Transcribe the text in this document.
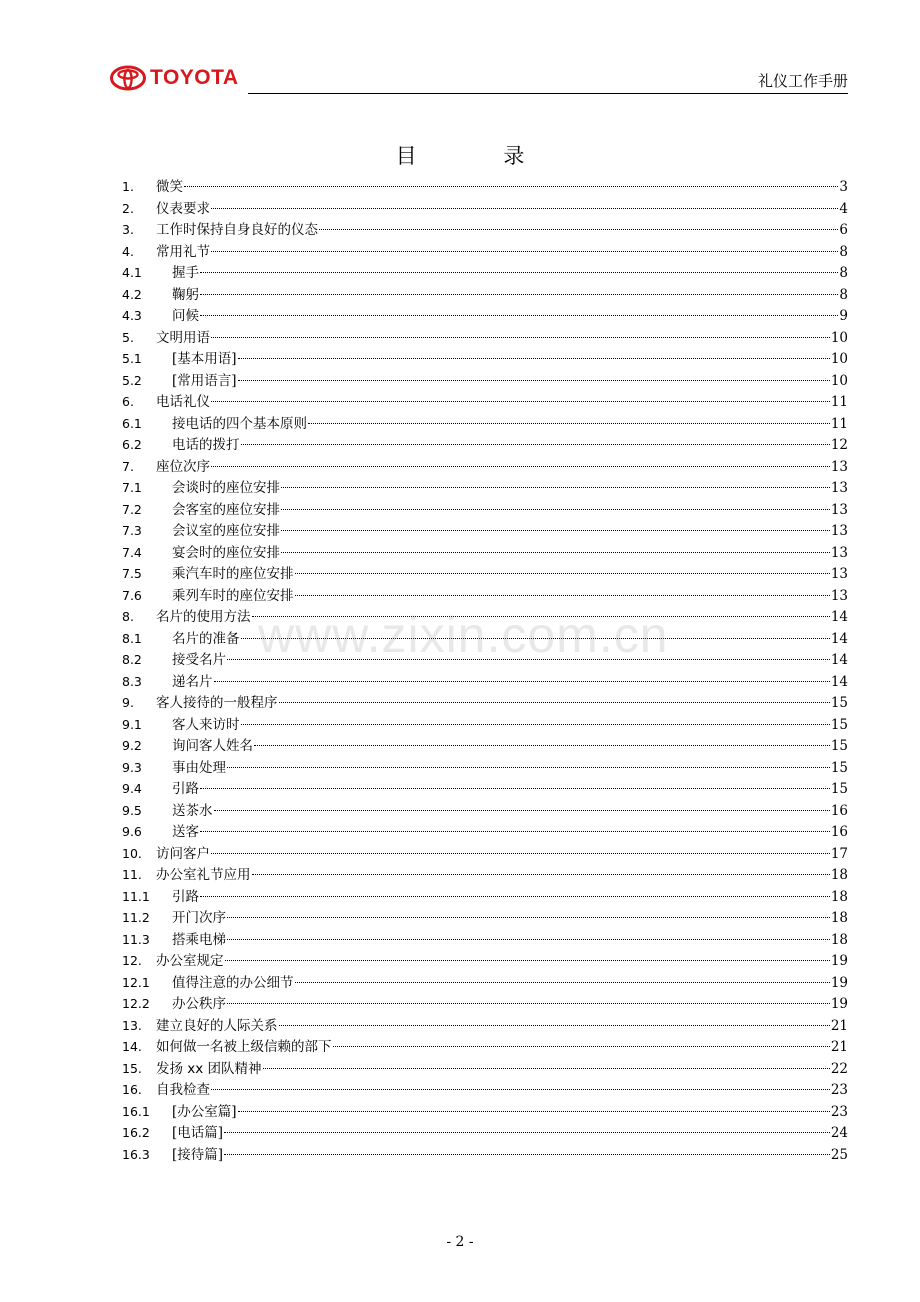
TOYOTA	礼仪工作手册
目 录
1.	微笑	3
2.	仪表要求	4
3.	工作时保持自身良好的仪态	6
4.	常用礼节	8
4.1	握手	8
4.2	鞠躬	8
4.3	问候	9
5.	文明用语	10
5.1	[基本用语]	10
5.2	[常用语言]	10
6.	电话礼仪	11
6.1	接电话的四个基本原则	11
6.2	电话的拨打	12
7.	座位次序	13
7.1	会谈时的座位安排	13
7.2	会客室的座位安排	13
7.3	会议室的座位安排	13
7.4	宴会时的座位安排	13
7.5	乘汽车时的座位安排	13
7.6	乘列车时的座位安排	13
8.	名片的使用方法	14
8.1	名片的准备	14
8.2	接受名片	14
8.3	递名片	14
9.	客人接待的一般程序	15
9.1	客人来访时	15
9.2	询问客人姓名	15
9.3	事由处理	15
9.4	引路	15
9.5	送茶水	16
9.6	送客	16
10.	访问客户	17
11.	办公室礼节应用	18
11.1	引路	18
11.2	开门次序	18
11.3	搭乘电梯	18
12.	办公室规定	19
12.1	值得注意的办公细节	19
12.2	办公秩序	19
13.	建立良好的人际关系	21
14.	如何做一名被上级信赖的部下	21
15.	发扬 xx 团队精神	22
16.	自我检查	23
16.1	[办公室篇]	23
16.2	[电话篇]	24
16.3	[接待篇]	25
www.zixin.com.cn
- 2 -
